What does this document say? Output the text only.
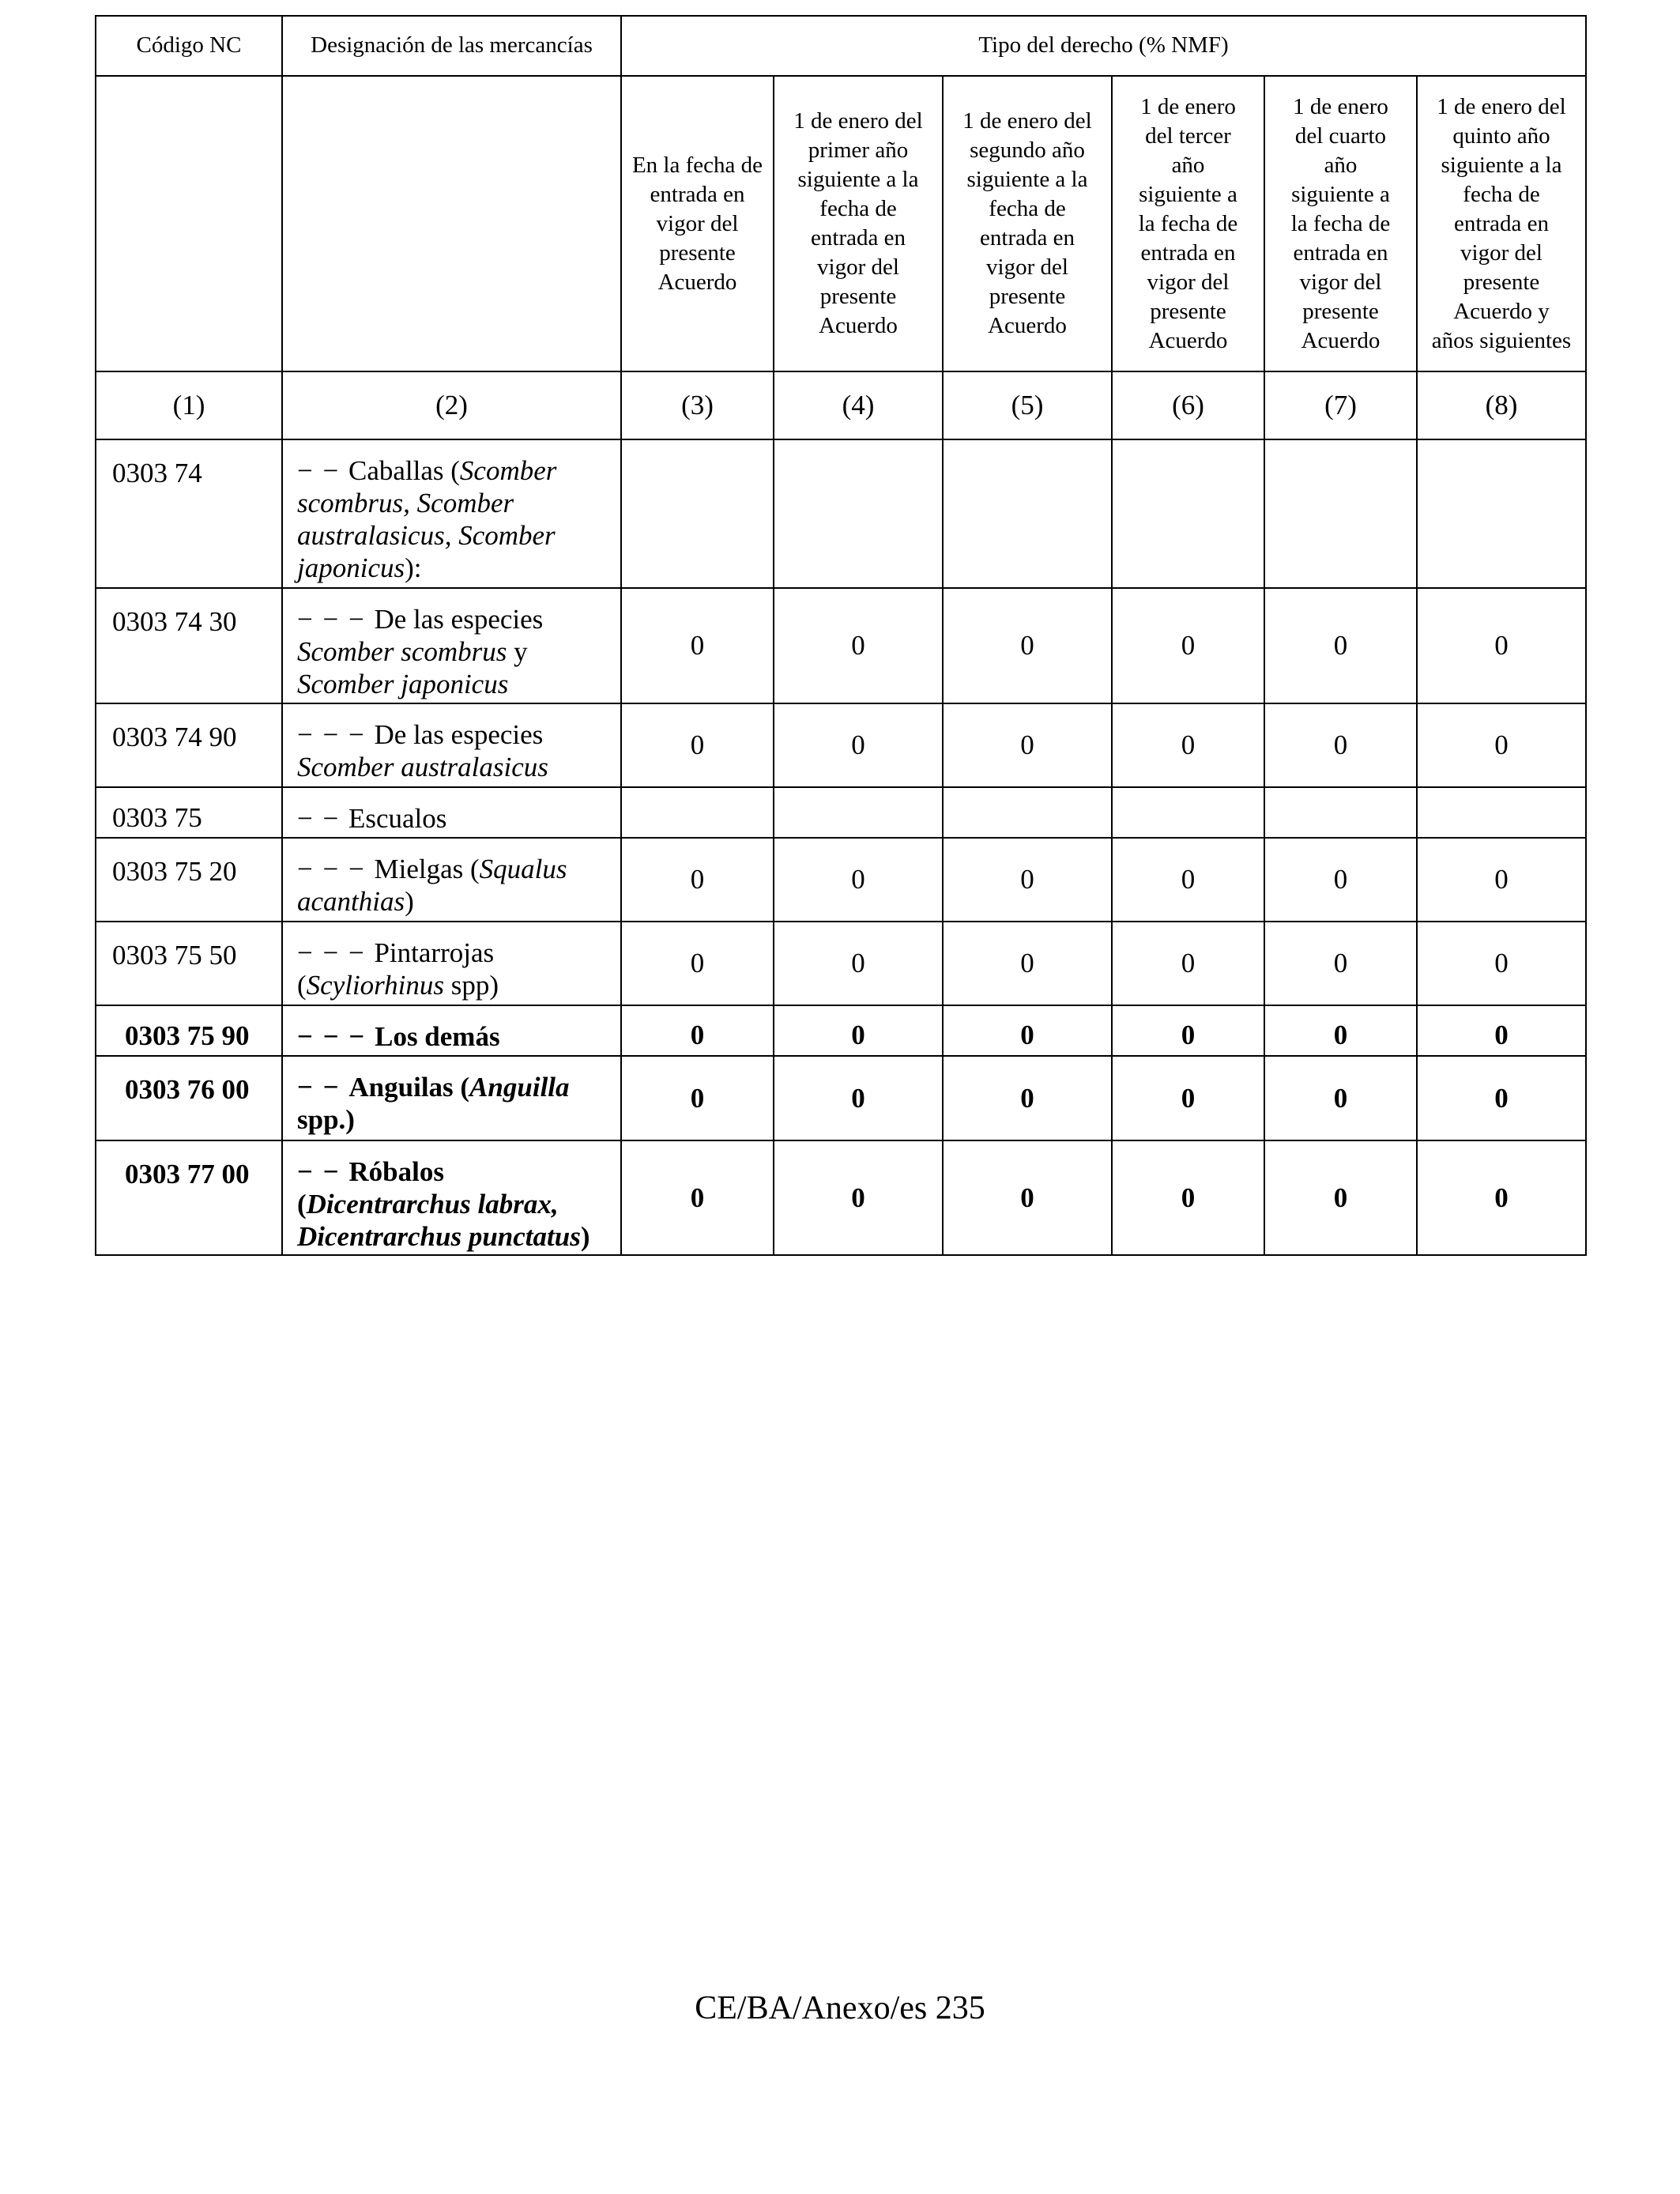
Código NC	Designación de las mercancías	Tipo del derecho (% NMF)					
		En la fecha de entrada en vigor del presente Acuerdo	1 de enero del primer año siguiente a la fecha de entrada en vigor del presente Acuerdo	1 de enero del segundo año siguiente a la fecha de entrada en vigor del presente Acuerdo	1 de enero del tercer año siguiente a la fecha de entrada en vigor del presente Acuerdo	1 de enero del cuarto año siguiente a la fecha de entrada en vigor del presente Acuerdo	1 de enero del quinto año siguiente a la fecha de entrada en vigor del presente Acuerdo y años siguientes
(1)	(2)	(3)	(4)	(5)	(6)	(7)	(8)
0303 74	− − Caballas (Scomber scombrus, Scomber australasicus, Scomber japonicus):						
0303 74 30	− − − De las especies Scomber scombrus y Scomber japonicus	0	0	0	0	0	0
0303 74 90	− − − De las especies Scomber australasicus	0	0	0	0	0	0
0303 75	− − Escualos						
0303 75 20	− − − Mielgas (Squalus acanthias)	0	0	0	0	0	0
0303 75 50	− − − Pintarrojas (Scyliorhinus spp)	0	0	0	0	0	0
0303 75 90	− − − Los demás	0	0	0	0	0	0
0303 76 00	− − Anguilas (Anguilla spp.)	0	0	0	0	0	0
0303 77 00	− − Róbalos (Dicentrarchus labrax, Dicentrarchus punctatus)	0	0	0	0	0	0
CE/BA/Anexo/es 235
